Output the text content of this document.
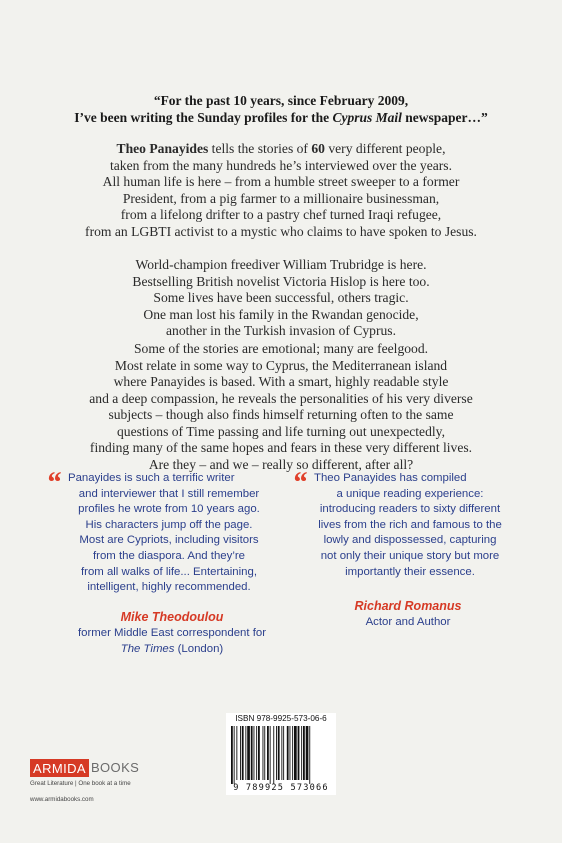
“For the past 10 years, since February 2009,
I’ve been writing the Sunday profiles for the Cyprus Mail newspaper…”
Theo Panayides tells the stories of 60 very different people,
taken from the many hundreds he’s interviewed over the years.
All human life is here – from a humble street sweeper to a former
President, from a pig farmer to a millionaire businessman,
from a lifelong drifter to a pastry chef turned Iraqi refugee,
from an LGBTI activist to a mystic who claims to have spoken to Jesus.
World-champion freediver William Trubridge is here.
Bestselling British novelist Victoria Hislop is here too.
Some lives have been successful, others tragic.
One man lost his family in the Rwandan genocide,
another in the Turkish invasion of Cyprus.
Some of the stories are emotional; many are feelgood.
Most relate in some way to Cyprus, the Mediterranean island
where Panayides is based. With a smart, highly readable style
and a deep compassion, he reveals the personalities of his very diverse
subjects – though also finds himself returning often to the same
questions of Time passing and life turning out unexpectedly,
finding many of the same hopes and fears in these very different lives.
Are they – and we – really so different, after all?
“ Panayides is such a terrific writer
and interviewer that I still remember
profiles he wrote from 10 years ago.
His characters jump off the page.
Most are Cypriots, including visitors
from the diaspora. And they’re
from all walks of life... Entertaining,
intelligent, highly recommended.
Mike Theodoulou
former Middle East correspondent for
The Times (London)
“ Theo Panayides has compiled
a unique reading experience:
introducing readers to sixty different
lives from the rich and famous to the
lowly and dispossessed, capturing
not only their unique story but more
importantly their essence.
Richard Romanus
Actor and Author
ISBN 978-9925-573-06-6
9 789925 573066
ARMIDA BOOKS
Great Literature | One book at a time
www.armidabooks.com
